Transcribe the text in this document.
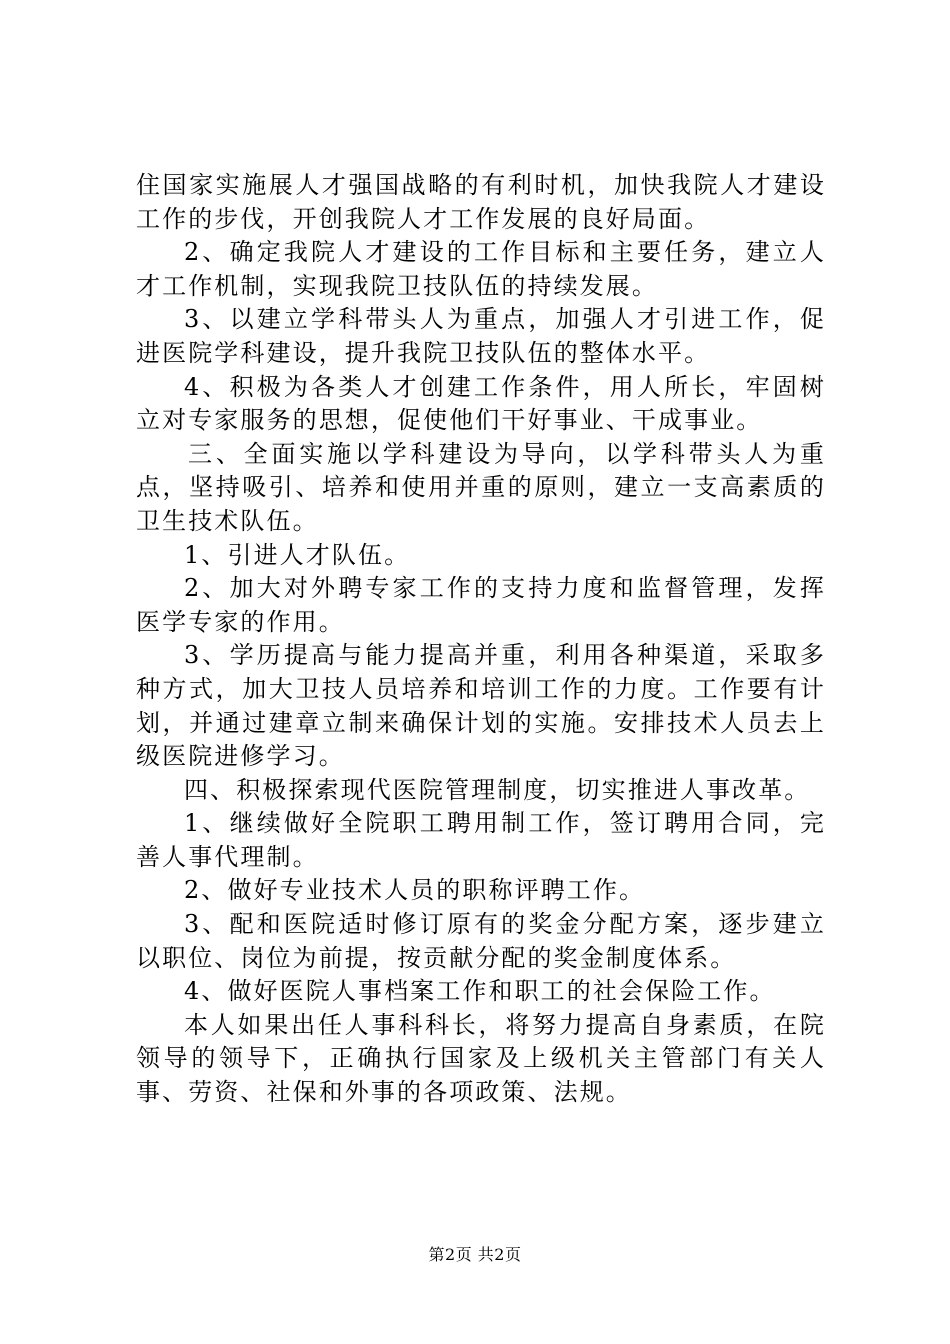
住国家实施展人才强国战略的有利时机，加快我院人才建设工作的步伐，开创我院人才工作发展的良好局面。

2、确定我院人才建设的工作目标和主要任务，建立人才工作机制，实现我院卫技队伍的持续发展。

3、以建立学科带头人为重点，加强人才引进工作，促进医院学科建设，提升我院卫技队伍的整体水平。

4、积极为各类人才创建工作条件，用人所长，牢固树立对专家服务的思想，促使他们干好事业、干成事业。

三、全面实施以学科建设为导向，以学科带头人为重点，坚持吸引、培养和使用并重的原则，建立一支高素质的卫生技术队伍。

1、引进人才队伍。

2、加大对外聘专家工作的支持力度和监督管理，发挥医学专家的作用。

3、学历提高与能力提高并重，利用各种渠道，采取多种方式，加大卫技人员培养和培训工作的力度。工作要有计划，并通过建章立制来确保计划的实施。安排技术人员去上级医院进修学习。

四、积极探索现代医院管理制度，切实推进人事改革。

1、继续做好全院职工聘用制工作，签订聘用合同，完善人事代理制。

2、做好专业技术人员的职称评聘工作。

3、配和医院适时修订原有的奖金分配方案，逐步建立以职位、岗位为前提，按贡献分配的奖金制度体系。

4、做好医院人事档案工作和职工的社会保险工作。

本人如果出任人事科科长，将努力提高自身素质，在院领导的领导下，正确执行国家及上级机关主管部门有关人事、劳资、社保和外事的各项政策、法规。

第2页 共2页
